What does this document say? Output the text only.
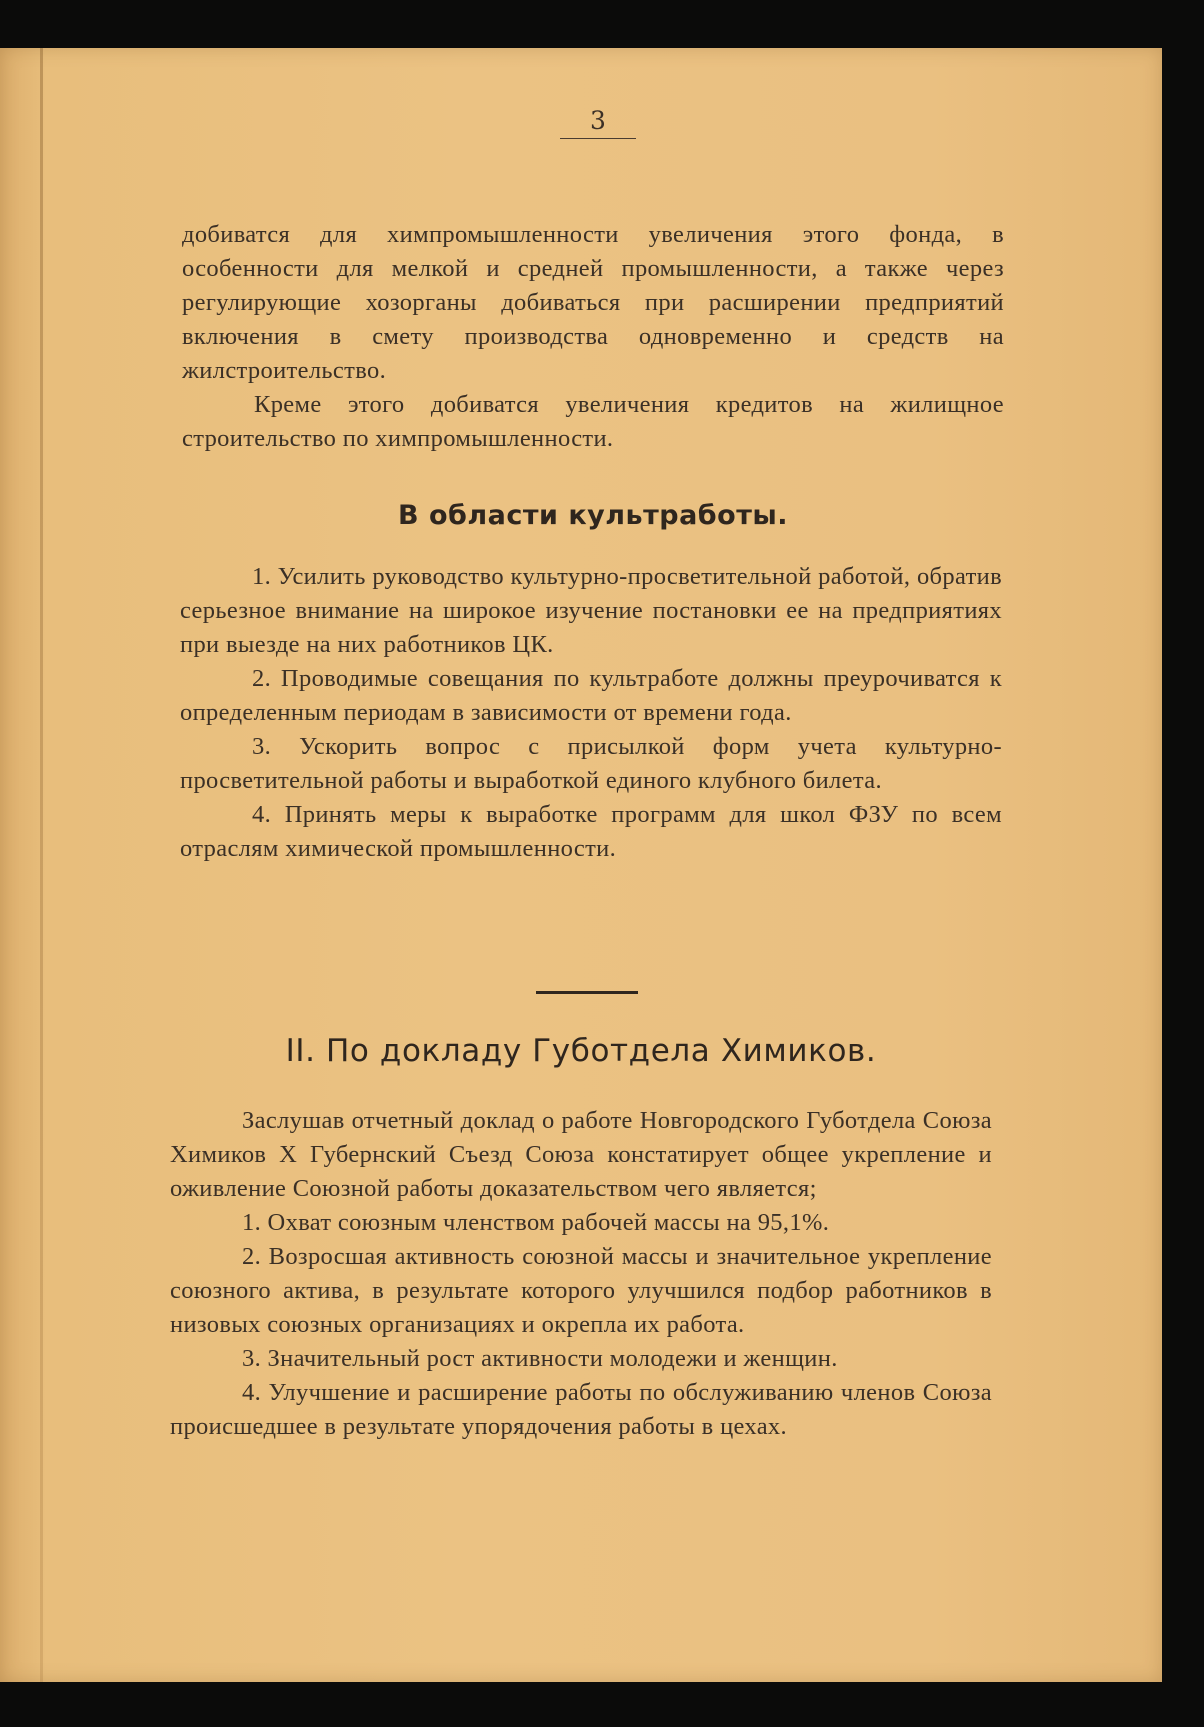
3

добиватся для химпромышленности увеличения этого фонда, в особенности для мелкой и средней промышленности, а также через регулирующие хозорганы добиваться при расширении предприятий включения в смету производства одновременно и средств на жилстроительство.

Креме этого добиватся увеличения кредитов на жилищное строительство по химпромышленности.

В области культработы.

1. Усилить руководство культурно-просветительной работой, обратив серьезное внимание на широкое изучение постановки ее на предприятиях при выезде на них работников ЦК.

2. Проводимые совещания по культработе должны преурочиватся к определенным периодам в зависимости от времени года.

3. Ускорить вопрос с присылкой форм учета культурно-просветительной работы и выработкой единого клубного билета.

4. Принять меры к выработке программ для школ ФЗУ по всем отраслям химической промышленности.

II. По докладу Губотдела Химиков.

Заслушав отчетный доклад о работе Новгородского Губотдела Союза Химиков X Губернский Съезд Союза констатирует общее укрепление и оживление Союзной работы доказательством чего является;

1. Охват союзным членством рабочей массы на 95,1%.

2. Возросшая активность союзной массы и значительное укрепление союзного актива, в результате которого улучшился подбор работников в низовых союзных организациях и окрепла их работа.

3. Значительный рост активности молодежи и женщин.

4. Улучшение и расширение работы по обслуживанию членов Союза происшедшее в результате упорядочения работы в цехах.
